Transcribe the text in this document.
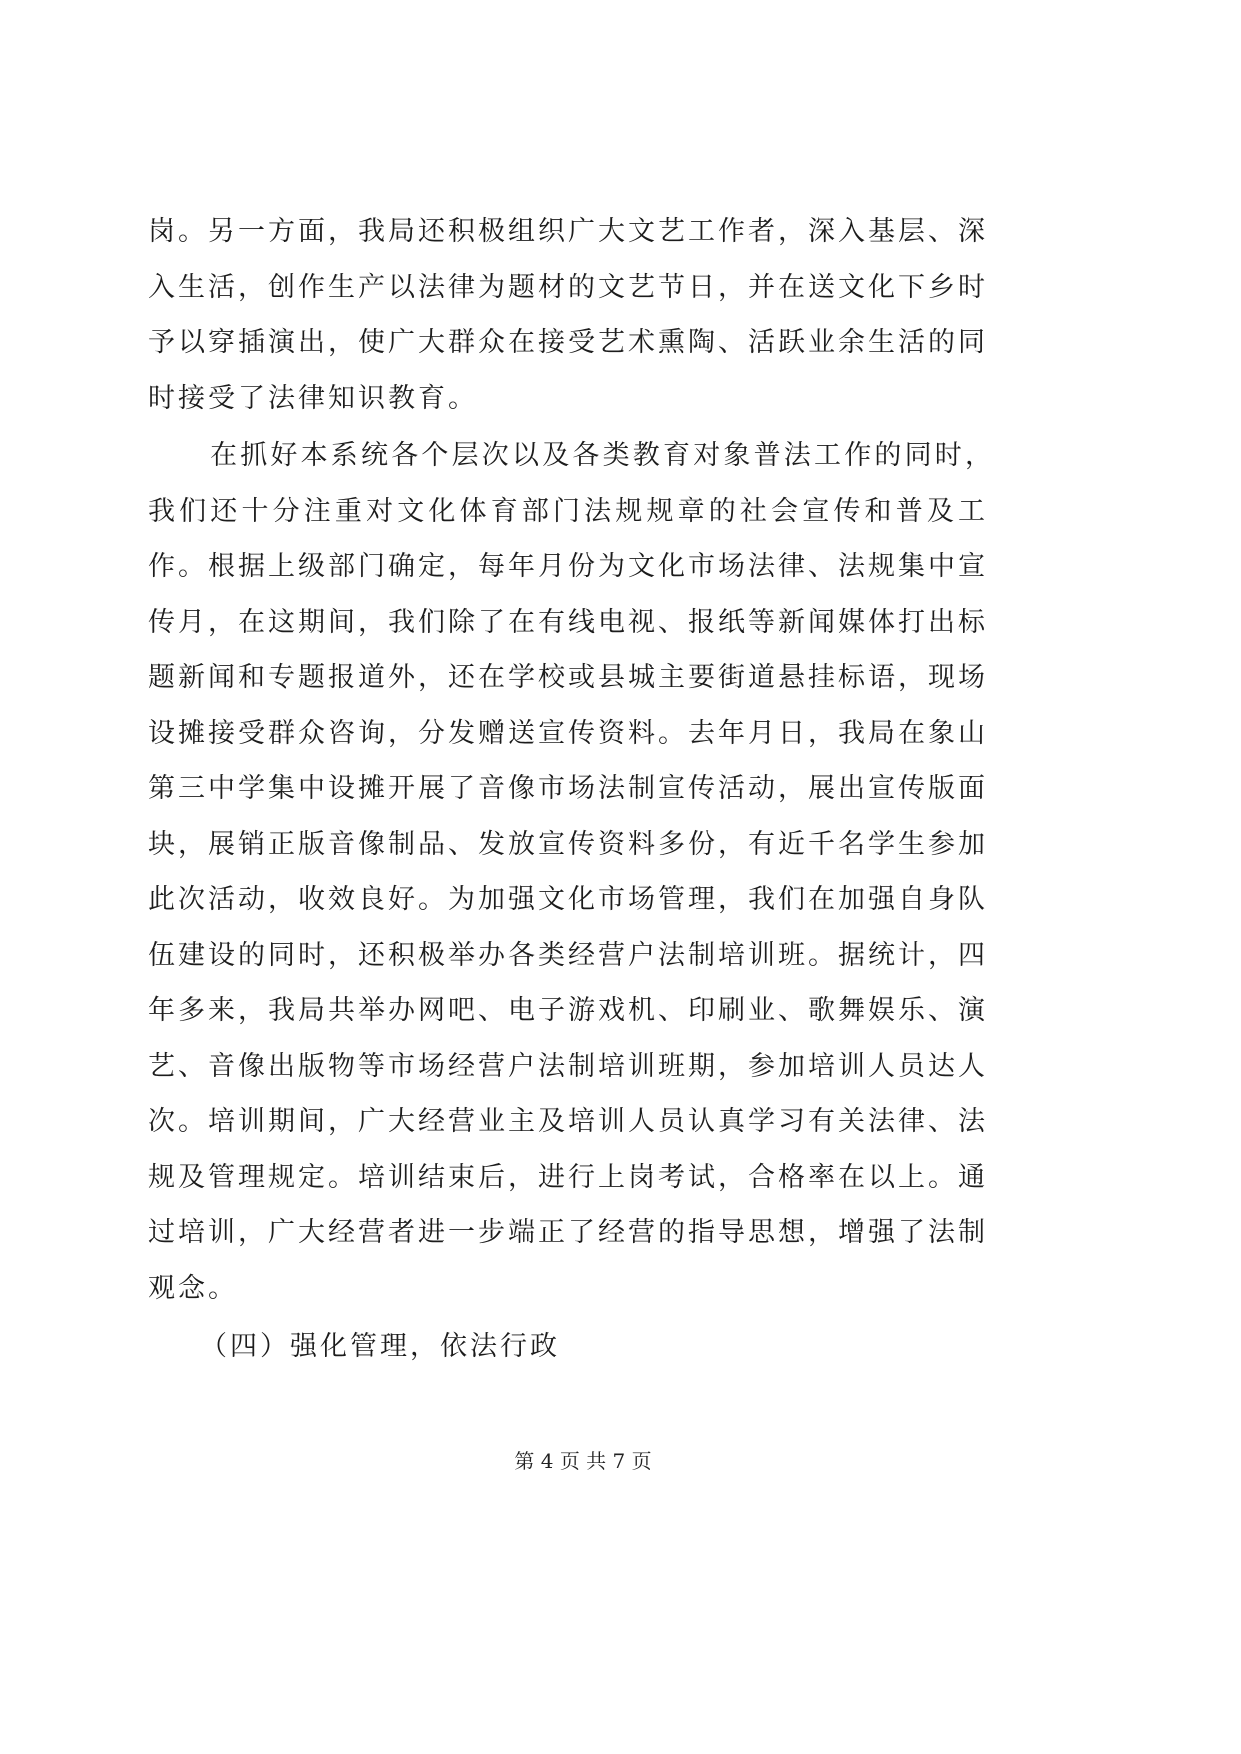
岗。另一方面，我局还积极组织广大文艺工作者，深入基层、深
入生活，创作生产以法律为题材的文艺节日，并在送文化下乡时
予以穿插演出，使广大群众在接受艺术熏陶、活跃业余生活的同
时接受了法律知识教育。
在抓好本系统各个层次以及各类教育对象普法工作的同时，
我们还十分注重对文化体育部门法规规章的社会宣传和普及工
作。根据上级部门确定，每年月份为文化市场法律、法规集中宣
传月，在这期间，我们除了在有线电视、报纸等新闻媒体打出标
题新闻和专题报道外，还在学校或县城主要街道悬挂标语，现场
设摊接受群众咨询，分发赠送宣传资料。去年月日，我局在象山
第三中学集中设摊开展了音像市场法制宣传活动，展出宣传版面
块，展销正版音像制品、发放宣传资料多份，有近千名学生参加
此次活动，收效良好。为加强文化市场管理，我们在加强自身队
伍建设的同时，还积极举办各类经营户法制培训班。据统计，四
年多来，我局共举办网吧、电子游戏机、印刷业、歌舞娱乐、演
艺、音像出版物等市场经营户法制培训班期，参加培训人员达人
次。培训期间，广大经营业主及培训人员认真学习有关法律、法
规及管理规定。培训结束后，进行上岗考试，合格率在以上。通
过培训，广大经营者进一步端正了经营的指导思想，增强了法制
观念。
（四）强化管理，依法行政
第 4 页 共 7 页
